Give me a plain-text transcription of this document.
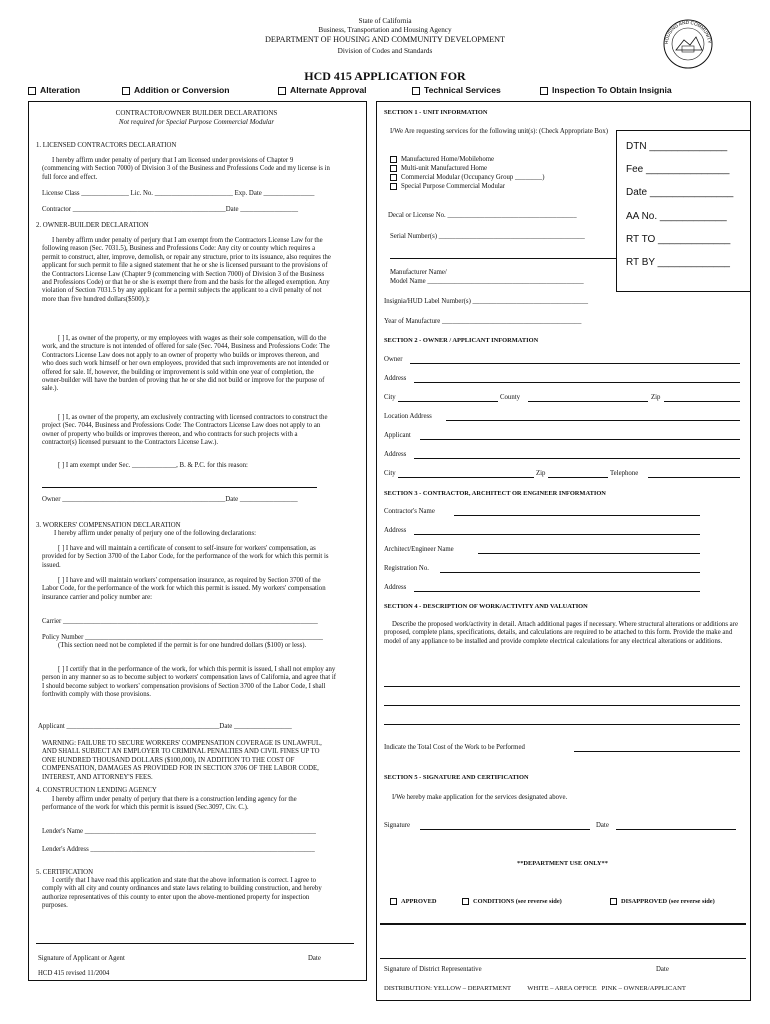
State of California
Business, Transportation and Housing Agency
DEPARTMENT OF HOUSING AND COMMUNITY DEVELOPMENT
Division of Codes and Standards
HCD 415 APPLICATION FOR
HOUSING AND COMMUNITY
Alteration	Addition or Conversion	Alternate Approval	Technical Services	Inspection To Obtain Insignia
CONTRACTOR/OWNER BUILDER DECLARATIONS
Not required for Special Purpose Commercial Modular
1. LICENSED CONTRACTORS DECLARATION
I hereby affirm under penalty of perjury that I am licensed under provisions of Chapter 9 (commencing with Section 7000) of Division 3 of the Business and Professions Code and my license is in full force and effect.
License Class ______________ Lic. No. _______________________ Exp. Date _______________
Contractor _____________________________________________Date _________________
2. OWNER-BUILDER DECLARATION
I hereby affirm under penalty of perjury that I am exempt from the Contractors License Law for the following reason (Sec. 7031.5), Business and Professions Code: Any city or county which requires a permit to construct, alter, improve, demolish, or repair any structure, prior to its issuance, also requires the applicant for such permit to file a signed statement that he or she is licensed pursuant to the provisions of the Contractors License Law (Chapter 9 (commencing with Section 7000) of Division 3 of the Business and Professions Code) or that he or she is exempt there from and the basis for the alleged exemption. Any violation of Section 7031.5 by any applicant for a permit subjects the applicant to a civil penalty of not more than five hundred dollars($500).):
[ ] I, as owner of the property, or my employees with wages as their sole compensation, will do the work, and the structure is not intended of offered for sale (Sec. 7044, Business and Professions Code: The Contractors License Law does not apply to an owner of property who builds or improves thereon, and who does such work himself or her own employees, provided that such improvements are not intended or offered for sale. If, however, the building or improvement is sold within one year of completion, the owner-builder will have the burden of proving that he or she did not build or improve for the purpose of sale.).
[ ] I, as owner of the property, am exclusively contracting with licensed contractors to construct the project (Sec. 7044, Business and Professions Code: The Contractors License Law does not apply to an owner of property who builds or improves thereon, and who contracts for such projects with a contractor(s) licensed pursuant to the Contractors License Law.).
[ ] I am exempt under Sec. _____________, B. & P.C. for this reason:
Owner ________________________________________________Date _________________
3. WORKERS' COMPENSATION DECLARATION
I hereby affirm under penalty of perjury one of the following declarations:
[ ] I have and will maintain a certificate of consent to self-insure for workers' compensation, as provided for by Section 3700 of the Labor Code, for the performance of the work for which this permit is issued.
[ ] I have and will maintain workers' compensation insurance, as required by Section 3700 of the Labor Code, for the performance of the work for which this permit is issued. My workers' compensation insurance carrier and policy number are:
Carrier ___________________________________________________________________________
Policy Number ______________________________________________________________________
(This section need not be completed if the permit is for one hundred dollars ($100) or less).
[ ] I certify that in the performance of the work, for which this permit is issued, I shall not employ any person in any manner so as to become subject to workers' compensation laws of California, and agree that if I should become subject to workers' compensation provisions of Section 3700 of the Labor Code, I shall forthwith comply with those provisions.
Applicant _____________________________________________Date _________________
WARNING: FAILURE TO SECURE WORKERS' COMPENSATION COVERAGE IS UNLAWFUL, AND SHALL SUBJECT AN EMPLOYER TO CRIMINAL PENALTIES AND CIVIL FINES UP TO ONE HUNDRED THOUSAND DOLLARS ($100,000), IN ADDITION TO THE COST OF COMPENSATION, DAMAGES AS PROVIDED FOR IN SECTION 3706 OF THE LABOR CODE, INTEREST, AND ATTORNEY'S FEES.
4. CONSTRUCTION LENDING AGENCY
I hereby affirm under penalty of perjury that there is a construction lending agency for the performance of the work for which this permit is issued (Sec.3097, Civ. C.).
Lender's Name ____________________________________________________________________
Lender's Address __________________________________________________________________
5. CERTIFICATION
I certify that I have read this application and state that the above information is correct. I agree to comply with all city and county ordinances and state laws relating to building construction, and hereby authorize representatives of this county to enter upon the above-mentioned property for inspection purposes.
Signature of Applicant or Agent	Date
HCD 415 revised 11/2004
SECTION 1 - UNIT INFORMATION
I/We Are requesting services for the following unit(s): (Check Appropriate Box)
Manufactured Home/Mobilehome
Multi-unit Manufactured Home
Commercial Modular (Occupancy Group ________)
Special Purpose Commercial Modular
Decal or License No. ______________________________________
Serial Number(s) ___________________________________________
Manufacturer Name/
Model Name ______________________________________________
Insignia/HUD Label Number(s) __________________________________
Year of Manufacture _________________________________________
DTN ______________
Fee _______________
Date _______________
AA No. ____________
RT TO _____________
RT BY _____________
SECTION 2 - OWNER / APPLICANT INFORMATION
Owner
Address
City	County	Zip
Location Address
Applicant
Address
City	Zip	Telephone
SECTION 3 - CONTRACTOR, ARCHITECT OR ENGINEER INFORMATION
Contractor's Name
Address
Architect/Engineer Name
Registration No.
Address
SECTION 4 - DESCRIPTION OF WORK/ACTIVITY AND VALUATION
Describe the proposed work/activity in detail. Attach additional pages if necessary. Where structural alterations or additions are proposed, complete plans, specifications, details, and calculations are required to be attached to this form. Provide the make and model of any appliance to be installed and provide complete electrical calculations for any electrical alterations or additions.
Indicate the Total Cost of the Work to be Performed
SECTION 5 - SIGNATURE AND CERTIFICATION
I/We hereby make application for the services designated above.
Signature	Date
**DEPARTMENT USE ONLY**
APPROVED	CONDITIONS (see reverse side)	DISAPPROVED (see reverse side)
Signature of District Representative	Date
DISTRIBUTION: YELLOW – DEPARTMENT          WHITE – AREA OFFICE   PINK – OWNER/APPLICANT
